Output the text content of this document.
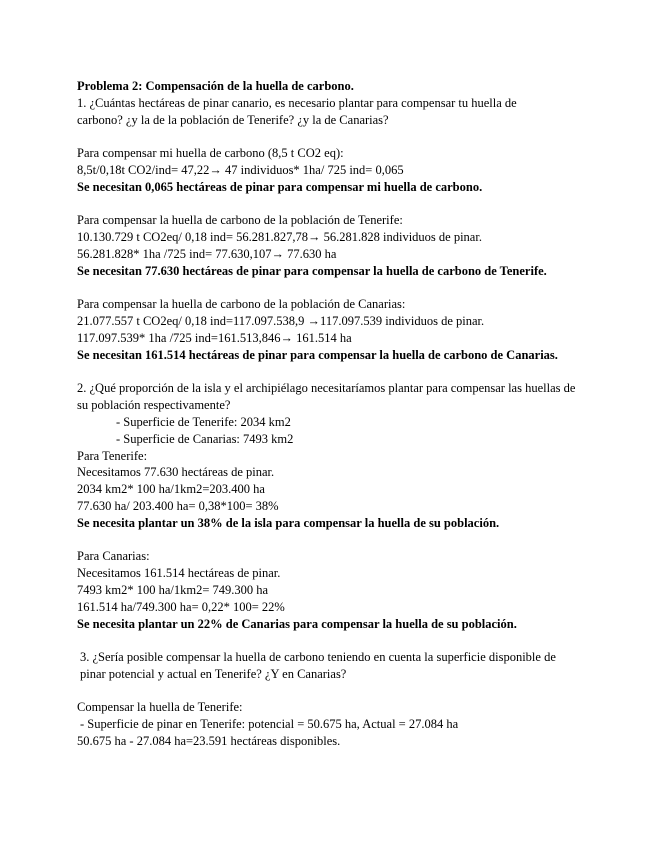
Problema 2: Compensación de la huella de carbono.
1. ¿Cuántas hectáreas de pinar canario, es necesario plantar para compensar tu huella de carbono? ¿y la de la población de Tenerife? ¿y la de Canarias?
Para compensar mi huella de carbono (8,5 t CO2 eq):
8,5t/0,18t CO2/ind= 47,22→ 47 individuos* 1ha/ 725 ind= 0,065
Se necesitan 0,065 hectáreas de pinar para compensar mi huella de carbono.
Para compensar la huella de carbono de la población de Tenerife:
10.130.729 t CO2eq/ 0,18 ind= 56.281.827,78→ 56.281.828 individuos de pinar.
56.281.828* 1ha /725 ind= 77.630,107→ 77.630 ha
Se necesitan 77.630 hectáreas de pinar para compensar la huella de carbono de Tenerife.
Para compensar la huella de carbono de la población de Canarias:
21.077.557 t CO2eq/ 0,18 ind=117.097.538,9 →117.097.539 individuos de pinar.
117.097.539* 1ha /725 ind=161.513,846→ 161.514 ha
Se necesitan 161.514 hectáreas de pinar para compensar la huella de carbono de Canarias.
2. ¿Qué proporción de la isla y el archipiélago necesitaríamos plantar para compensar las huellas de su población respectivamente?
- Superficie de Tenerife: 2034 km2
- Superficie de Canarias: 7493 km2
Para Tenerife:
Necesitamos 77.630 hectáreas de pinar.
2034 km2* 100 ha/1km2=203.400 ha
77.630 ha/ 203.400 ha= 0,38*100= 38%
Se necesita plantar un 38% de la isla para compensar la huella de su población.
Para Canarias:
Necesitamos 161.514 hectáreas de pinar.
7493 km2* 100 ha/1km2= 749.300 ha
161.514 ha/749.300 ha= 0,22* 100= 22%
Se necesita plantar un 22% de Canarias para compensar la huella de su población.
3. ¿Sería posible compensar la huella de carbono teniendo en cuenta la superficie disponible de pinar potencial y actual en Tenerife? ¿Y en Canarias?
Compensar la huella de Tenerife:
- Superficie de pinar en Tenerife: potencial = 50.675 ha, Actual = 27.084 ha
50.675 ha - 27.084 ha=23.591 hectáreas disponibles.
